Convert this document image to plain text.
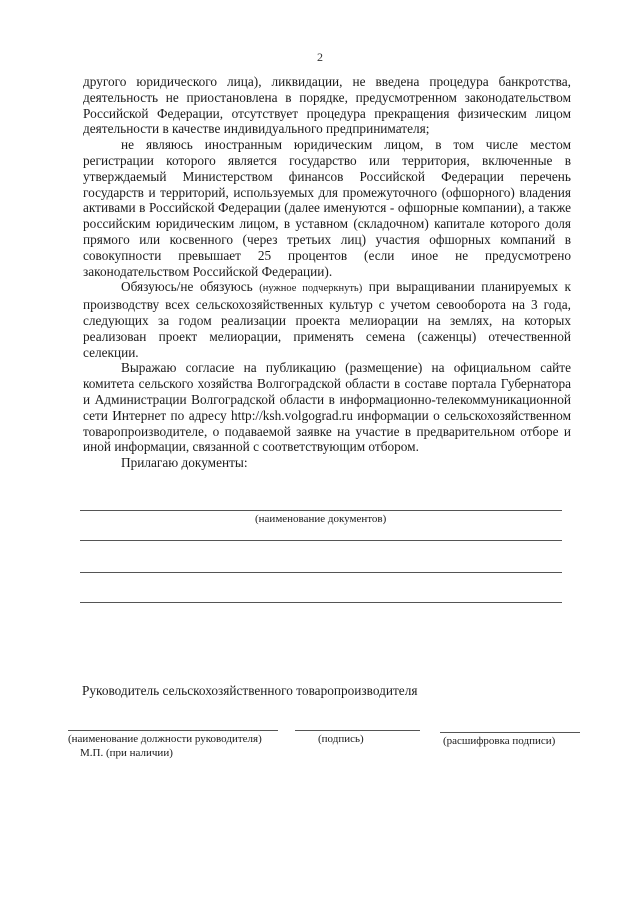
2

другого юридического лица), ликвидации, не введена процедура банкротства, деятельность не приостановлена в порядке, предусмотренном законодательством Российской Федерации, отсутствует процедура прекращения физическим лицом деятельности в качестве индивидуального предпринимателя;

не являюсь иностранным юридическим лицом, в том числе местом регистрации которого является государство или территория, включенные в утверждаемый Министерством финансов Российской Федерации перечень государств и территорий, используемых для промежуточного (офшорного) владения активами в Российской Федерации (далее именуются - офшорные компании), а также российским юридическим лицом, в уставном (складочном) капитале которого доля прямого или косвенного (через третьих лиц) участия офшорных компаний в совокупности превышает 25 процентов (если иное не предусмотрено законодательством Российской Федерации).

Обязуюсь/не обязуюсь (нужное подчеркнуть) при выращивании планируемых к производству всех сельскохозяйственных культур с учетом севооборота на 3 года, следующих за годом реализации проекта мелиорации на землях, на которых реализован проект мелиорации, применять семена (саженцы) отечественной селекции.

Выражаю согласие на публикацию (размещение) на официальном сайте комитета сельского хозяйства Волгоградской области в составе портала Губернатора и Администрации Волгоградской области в информационно-телекоммуникационной сети Интернет по адресу http://ksh.volgograd.ru информации о сельскохозяйственном товаропроизводителе, о подаваемой заявке на участие в предварительном отборе и иной информации, связанной с соответствующим отбором.

Прилагаю документы:

(наименование документов)
Руководитель сельскохозяйственного товаропроизводителя
(наименование должности руководителя)	(подпись)	(расшифровка подписи)
М.П. (при наличии)
